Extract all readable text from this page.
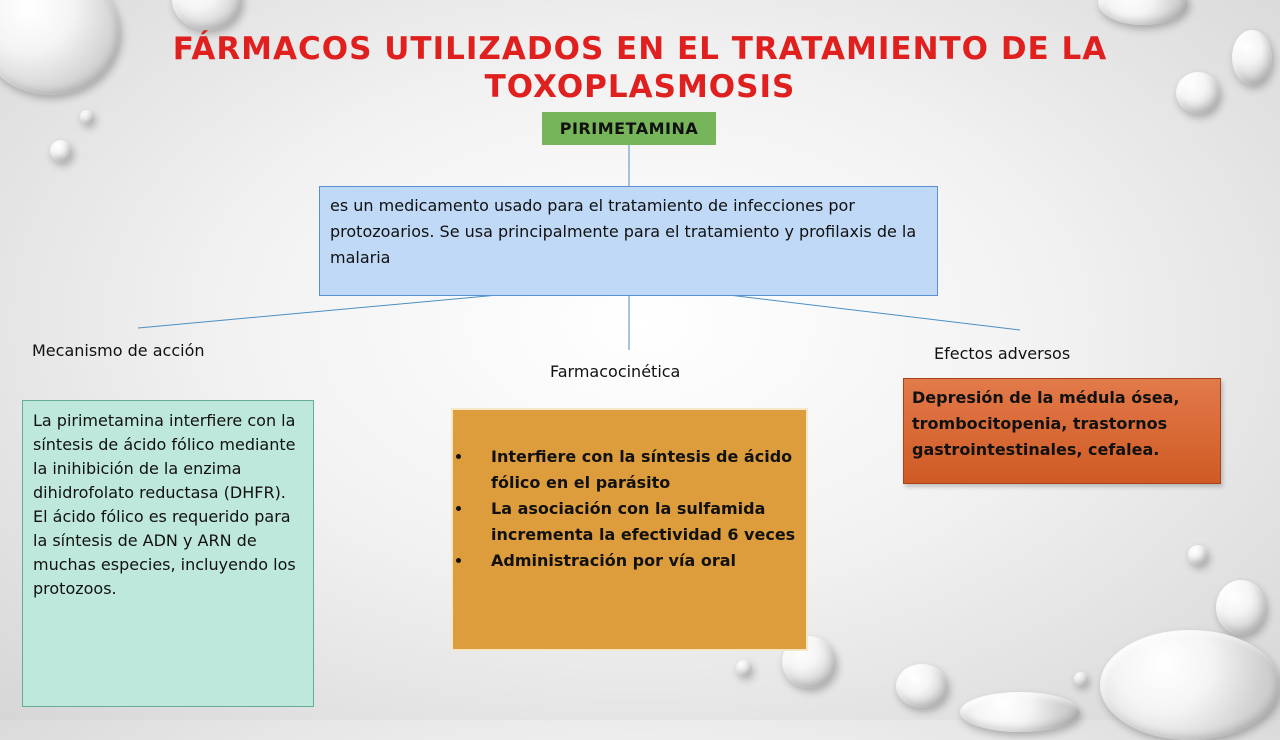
FÁRMACOS UTILIZADOS EN EL TRATAMIENTO DE LA TOXOPLASMOSIS
PIRIMETAMINA
es un medicamento usado para el tratamiento de infecciones por protozoarios. Se usa principalmente para el tratamiento y profilaxis de la malaria
Mecanismo de acción
Farmacocinética
Efectos adversos
La pirimetamina interfiere con la síntesis de ácido fólico mediante la inihibición de la enzima dihidrofolato reductasa (DHFR). El ácido fólico es requerido para la síntesis de ADN y ARN de muchas especies, incluyendo los protozoos.
• Interfiere con la síntesis de ácido fólico en el parásito
• La asociación con la sulfamida incrementa la efectividad 6 veces
• Administración por vía oral
Depresión de la médula ósea, trombocitopenia, trastornos gastrointestinales, cefalea.
